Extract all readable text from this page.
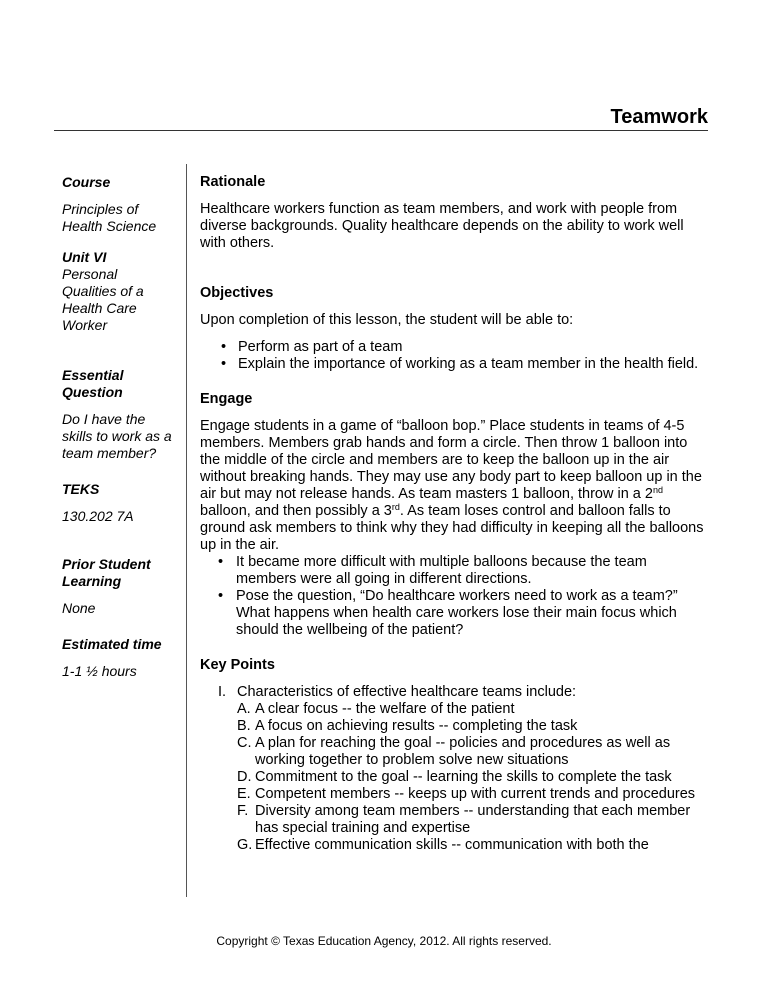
Teamwork
Course
Principles of Health Science
Unit VI
Personal Qualities of a Health Care Worker
Essential Question
Do I have the skills to work as a team member?
TEKS
130.202 7A
Prior Student Learning
None
Estimated time
1-1 ½ hours
Rationale

Healthcare workers function as team members, and work with people from diverse backgrounds. Quality healthcare depends on the ability to work well with others.

Objectives

Upon completion of this lesson, the student will be able to:

• Perform as part of a team
• Explain the importance of working as a team member in the health field.
Engage

Engage students in a game of “balloon bop.” Place students in teams of 4-5 members. Members grab hands and form a circle. Then throw 1 balloon into the middle of the circle and members are to keep the balloon up in the air without breaking hands. They may use any body part to keep balloon up in the air but may not release hands. As team masters 1 balloon, throw in a 2nd balloon, and then possibly a 3rd. As team loses control and balloon falls to ground ask members to think why they had difficulty in keeping all the balloons up in the air.

• It became more difficult with multiple balloons because the team members were all going in different directions.
• Pose the question, “Do healthcare workers need to work as a team?” What happens when health care workers lose their main focus which should the wellbeing of the patient?
Key Points
I. Characteristics of effective healthcare teams include:
A. A clear focus -- the welfare of the patient
B. A focus on achieving results -- completing the task
C. A plan for reaching the goal -- policies and procedures as well as working together to problem solve new situations
D. Commitment to the goal -- learning the skills to complete the task
E. Competent members -- keeps up with current trends and procedures
F. Diversity among team members -- understanding that each member has special training and expertise
G. Effective communication skills -- communication with both the
Copyright © Texas Education Agency, 2012. All rights reserved.
